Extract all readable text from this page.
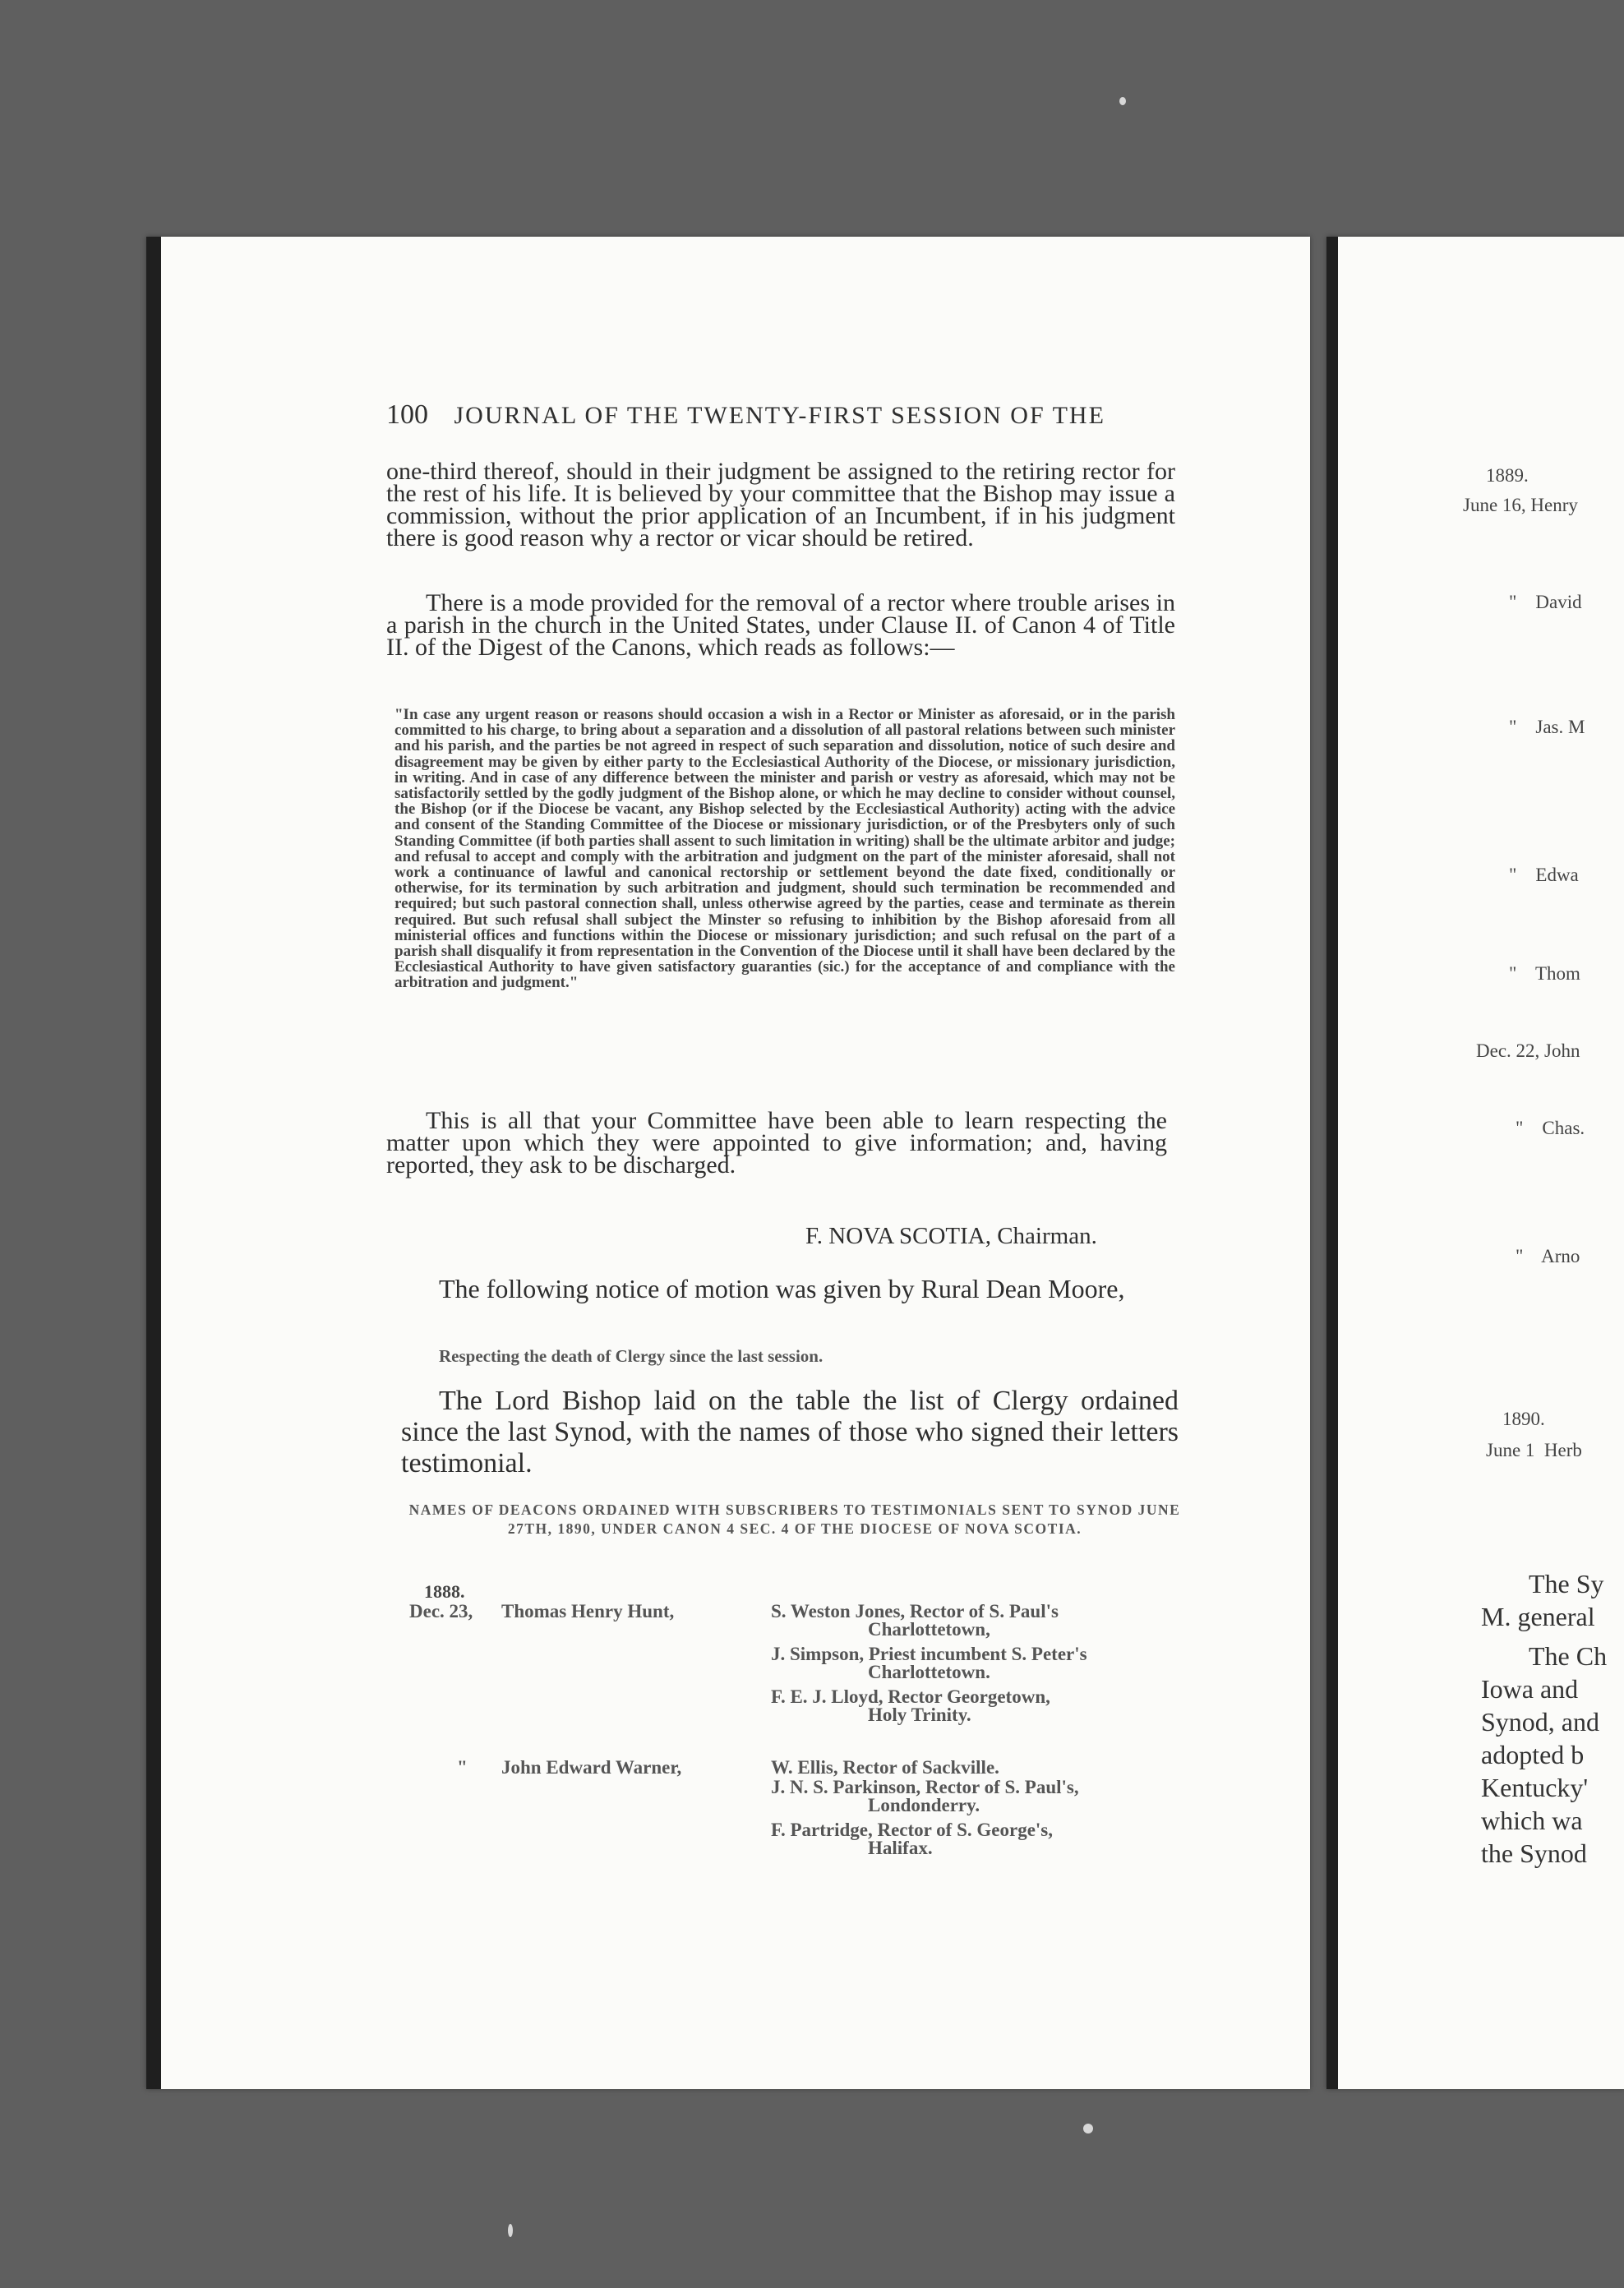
100 JOURNAL OF THE TWENTY-FIRST SESSION OF THE
one-third thereof, should in their judgment be assigned to the retiring rector for the rest of his life. It is believed by your committee that the Bishop may issue a commission, without the prior application of an Incumbent, if in his judgment there is good reason why a rector or vicar should be retired.
There is a mode provided for the removal of a rector where trouble arises in a parish in the church in the United States, under Clause II. of Canon 4 of Title II. of the Digest of the Canons, which reads as follows:—
"In case any urgent reason or reasons should occasion a wish in a Rector or Minister as aforesaid, or in the parish committed to his charge, to bring about a separation and a dissolution of all pastoral relations between such minister and his parish, and the parties be not agreed in respect of such separation and dissolution, notice of such desire and disagreement may be given by either party to the Ecclesiastical Authority of the Diocese, or missionary jurisdiction, in writing. And in case of any difference between the minister and parish or vestry as aforesaid, which may not be satisfactorily settled by the godly judgment of the Bishop alone, or which he may decline to consider without counsel, the Bishop (or if the Diocese be vacant, any Bishop selected by the Ecclesiastical Authority) acting with the advice and consent of the Standing Committee of the Diocese or missionary jurisdiction, or of the Presbyters only of such Standing Committee (if both parties shall assent to such limitation in writing) shall be the ultimate arbitor and judge; and refusal to accept and comply with the arbitration and judgment on the part of the minister aforesaid, shall not work a continuance of lawful and canonical rectorship or settlement beyond the date fixed, conditionally or otherwise, for its termination by such arbitration and judgment, should such termination be recommended and required; but such pastoral connection shall, unless otherwise agreed by the parties, cease and terminate as therein required. But such refusal shall subject the Minster so refusing to inhibition by the Bishop aforesaid from all ministerial offices and functions within the Diocese or missionary jurisdiction; and such refusal on the part of a parish shall disqualify it from representation in the Convention of the Diocese until it shall have been declared by the Ecclesiastical Authority to have given satisfactory guaranties (sic.) for the acceptance of and compliance with the arbitration and judgment."
This is all that your Committee have been able to learn respecting the matter upon which they were appointed to give information; and, having reported, they ask to be discharged.
F. NOVA SCOTIA, Chairman.
The following notice of motion was given by Rural Dean Moore,
Respecting the death of Clergy since the last session.
The Lord Bishop laid on the table the list of Clergy ordained since the last Synod, with the names of those who signed their letters testimonial.
NAMES OF DEACONS ORDAINED WITH SUBSCRIBERS TO TESTIMONIALS SENT TO SYNOD JUNE 27TH, 1890, UNDER CANON 4 SEC. 4 OF THE DIOCESE OF NOVA SCOTIA.
1888.
Dec. 23, Thomas Henry Hunt,	S. Weston Jones, Rector of S. Paul's
Charlottetown,
J. Simpson, Priest incumbent S. Peter's
Charlottetown.
F. E. J. Lloyd, Rector Georgetown,
Holy Trinity.
" John Edward Warner,	W. Ellis, Rector of Sackville.
J. N. S. Parkinson, Rector of S. Paul's,
Londonderry.
F. Partridge, Rector of S. George's,
Halifax.
1889.
June 16, Henry
"    David
"    Jas. M
"    Edwa
"    Thom
Dec. 22, John
"    Chas.
"    Arno
1890.
June 1  Herb
The Sy
M. general
The Ch
Iowa and
Synod, and
adopted b
Kentucky'
which wa
the Synod
